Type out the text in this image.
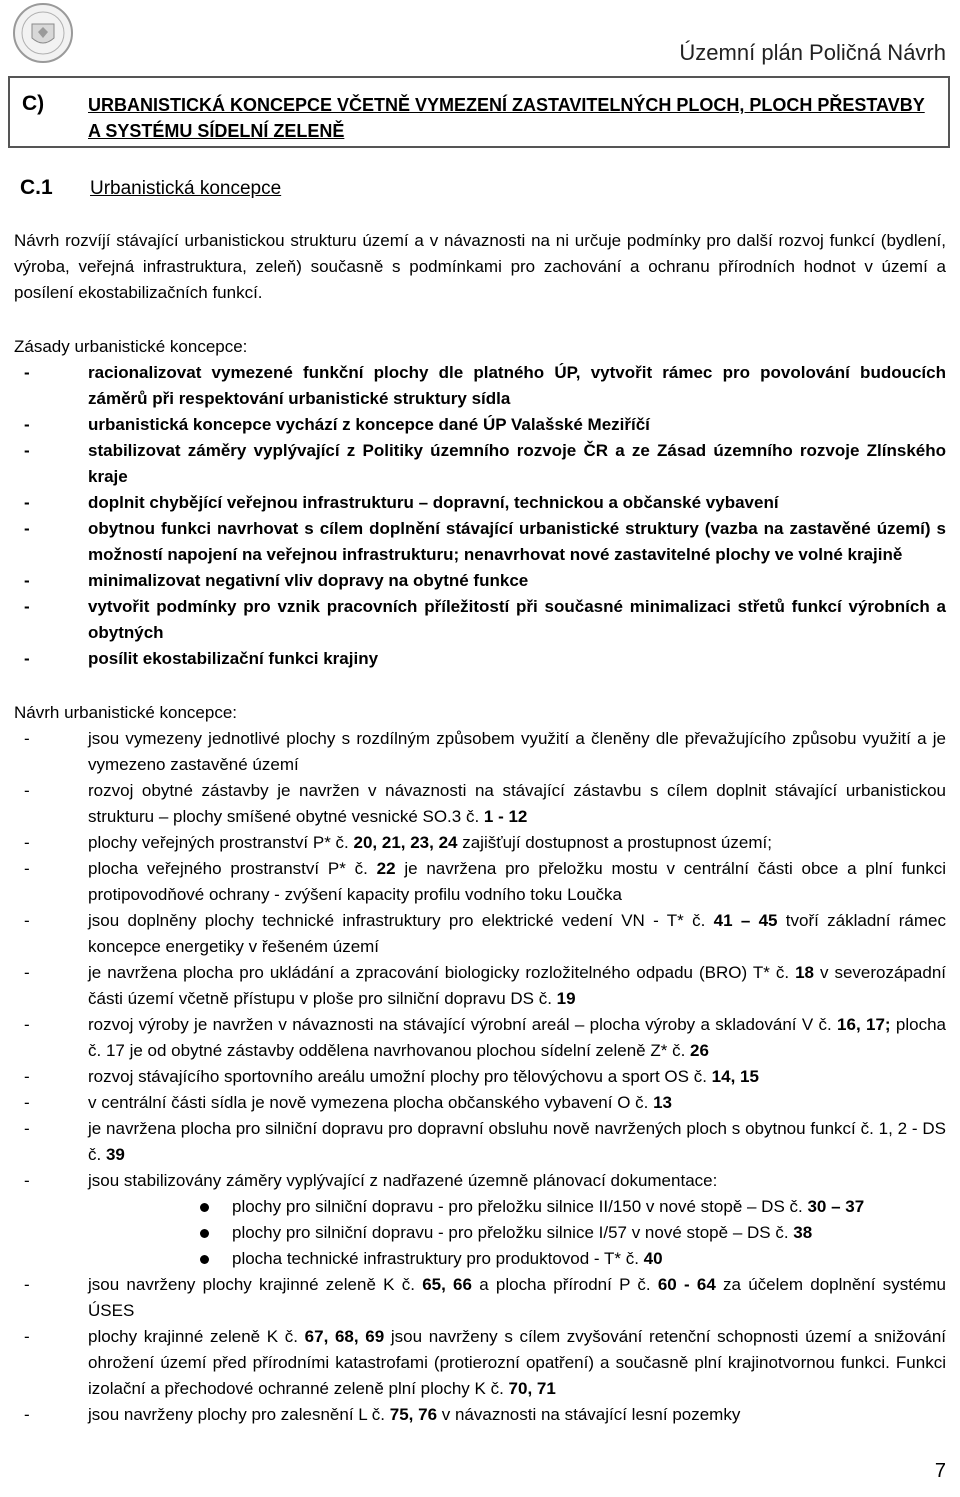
Územní plán Poličná Návrh
C) URBANISTICKÁ KONCEPCE VČETNĚ VYMEZENÍ ZASTAVITELNÝCH PLOCH, PLOCH PŘESTAVBY A SYSTÉMU SÍDELNÍ ZELENĚ
C.1 Urbanistická koncepce

Návrh rozvíjí stávající urbanistickou strukturu území a v návaznosti na ni určuje podmínky pro další rozvoj funkcí (bydlení, výroba, veřejná infrastruktura, zeleň) současně s podmínkami pro zachování a ochranu přírodních hodnot v území a posílení ekostabilizačních funkcí.

Zásady urbanistické koncepce:

- racionalizovat vymezené funkční plochy dle platného ÚP, vytvořit rámec pro povolování budoucích záměrů při respektování urbanistické struktury sídla
- urbanistická koncepce vychází z koncepce dané ÚP Valašské Meziříčí
- stabilizovat záměry vyplývající z Politiky územního rozvoje ČR a ze Zásad územního rozvoje Zlínského kraje
- doplnit chybějící veřejnou infrastrukturu – dopravní, technickou a občanské vybavení
- obytnou funkci navrhovat s cílem doplnění stávající urbanistické struktury (vazba na zastavěné území) s možností napojení na veřejnou infrastrukturu; nenavrhovat nové zastavitelné plochy ve volné krajině
- minimalizovat negativní vliv dopravy na obytné funkce
- vytvořit podmínky pro vznik pracovních příležitostí při současné minimalizaci střetů funkcí výrobních a obytných
- posílit ekostabilizační funkci krajiny

Návrh urbanistické koncepce:

- jsou vymezeny jednotlivé plochy s rozdílným způsobem využití a členěny dle převažujícího způsobu využití a je vymezeno zastavěné území
- rozvoj obytné zástavby je navržen v návaznosti na stávající zástavbu s cílem doplnit stávající urbanistickou strukturu – plochy smíšené obytné vesnické SO.3 č. 1 - 12
- plochy veřejných prostranství P* č. 20, 21, 23, 24 zajišťují dostupnost a prostupnost území;
- plocha veřejného prostranství P* č. 22 je navržena pro přeložku mostu v centrální části obce a plní funkci protipovodňové ochrany - zvýšení kapacity profilu vodního toku Loučka
- jsou doplněny plochy technické infrastruktury pro elektrické vedení VN - T* č. 41 – 45 tvoří základní rámec koncepce energetiky v řešeném území
- je navržena plocha pro ukládání a zpracování biologicky rozložitelného odpadu (BRO) T* č. 18 v severozápadní části území včetně přístupu v ploše pro silniční dopravu DS č. 19
- rozvoj výroby je navržen v návaznosti na stávající výrobní areál – plocha výroby a skladování V č. 16, 17; plocha č. 17 je od obytné zástavby oddělena navrhovanou plochou sídelní zeleně Z* č. 26
- rozvoj stávajícího sportovního areálu umožní plochy pro tělovýchovu a sport OS č. 14, 15
- v centrální části sídla je nově vymezena plocha občanského vybavení O č. 13
- je navržena plocha pro silniční dopravu pro dopravní obsluhu nově navržených ploch s obytnou funkcí č. 1, 2 - DS č. 39
- jsou stabilizovány záměry vyplývající z nadřazené územně plánovací dokumentace:
plochy pro silniční dopravu - pro přeložku silnice II/150 v nové stopě – DS č. 30 – 37
plochy pro silniční dopravu - pro přeložku silnice I/57 v nové stopě – DS č. 38
plocha technické infrastruktury pro produktovod - T* č. 40
- jsou navrženy plochy krajinné zeleně K č. 65, 66 a plocha přírodní P č. 60 - 64 za účelem doplnění systému ÚSES
- plochy krajinné zeleně K č. 67, 68, 69 jsou navrženy s cílem zvyšování retenční schopnosti území a snižování ohrožení území před přírodními katastrofami (protierozní opatření) a současně plní krajinotvornou funkci. Funkci izolační a přechodové ochranné zeleně plní plochy K č. 70, 71
- jsou navrženy plochy pro zalesnění L č. 75, 76 v návaznosti na stávající lesní pozemky
7
